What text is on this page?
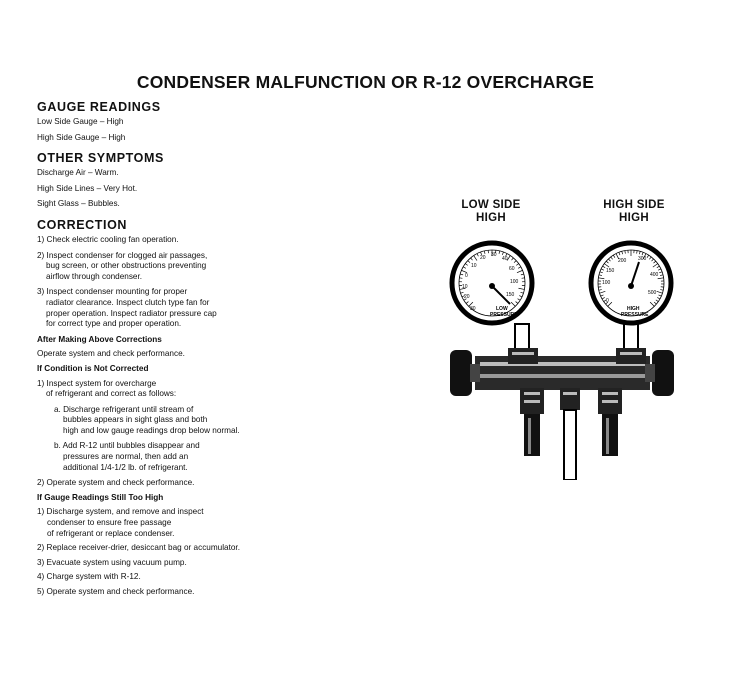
CONDENSER MALFUNCTION OR R-12 OVERCHARGE
GAUGE READINGS
Low Side Gauge – High
High Side Gauge – High
OTHER SYMPTOMS
Discharge Air – Warm.
High Side Lines – Very Hot.
Sight Glass – Bubbles.
CORRECTION
1) Check electric cooling fan operation.
2) Inspect condenser for clogged air passages,
bug screen, or other obstructions preventing
airflow through condenser.
3) Inspect condenser mounting for proper
radiator clearance. Inspect clutch type fan for
proper operation. Inspect radiator pressure cap
for correct type and proper operation.
After Making Above Corrections
Operate system and check performance.
If Condition is Not Corrected
1) Inspect system for overcharge
of refrigerant and correct as follows:
a. Discharge refrigerant until stream of
bubbles appears in sight glass and both
high and low gauge readings drop below normal.
b. Add R-12 until bubbles disappear and
pressures are normal, then add an
additional 1/4-1/2 lb. of refrigerant.
2) Operate system and check performance.
If Gauge Readings Still Too High
1) Discharge system, and remove and inspect
condenser to ensure free passage
of refrigerant or replace condenser.
2) Replace receiver-drier, desiccant bag or accumulator.
3) Evacuate system using vacuum pump.
4) Charge system with R-12.
5) Operate system and check performance.
LOW SIDE
HIGH
HIGH SIDE
HIGH
30
20
10
0
10
20 30
40
60
100
150
LOW
PRESSURE
0
100
150
200 300
400
500
HIGH
PRESSURE
